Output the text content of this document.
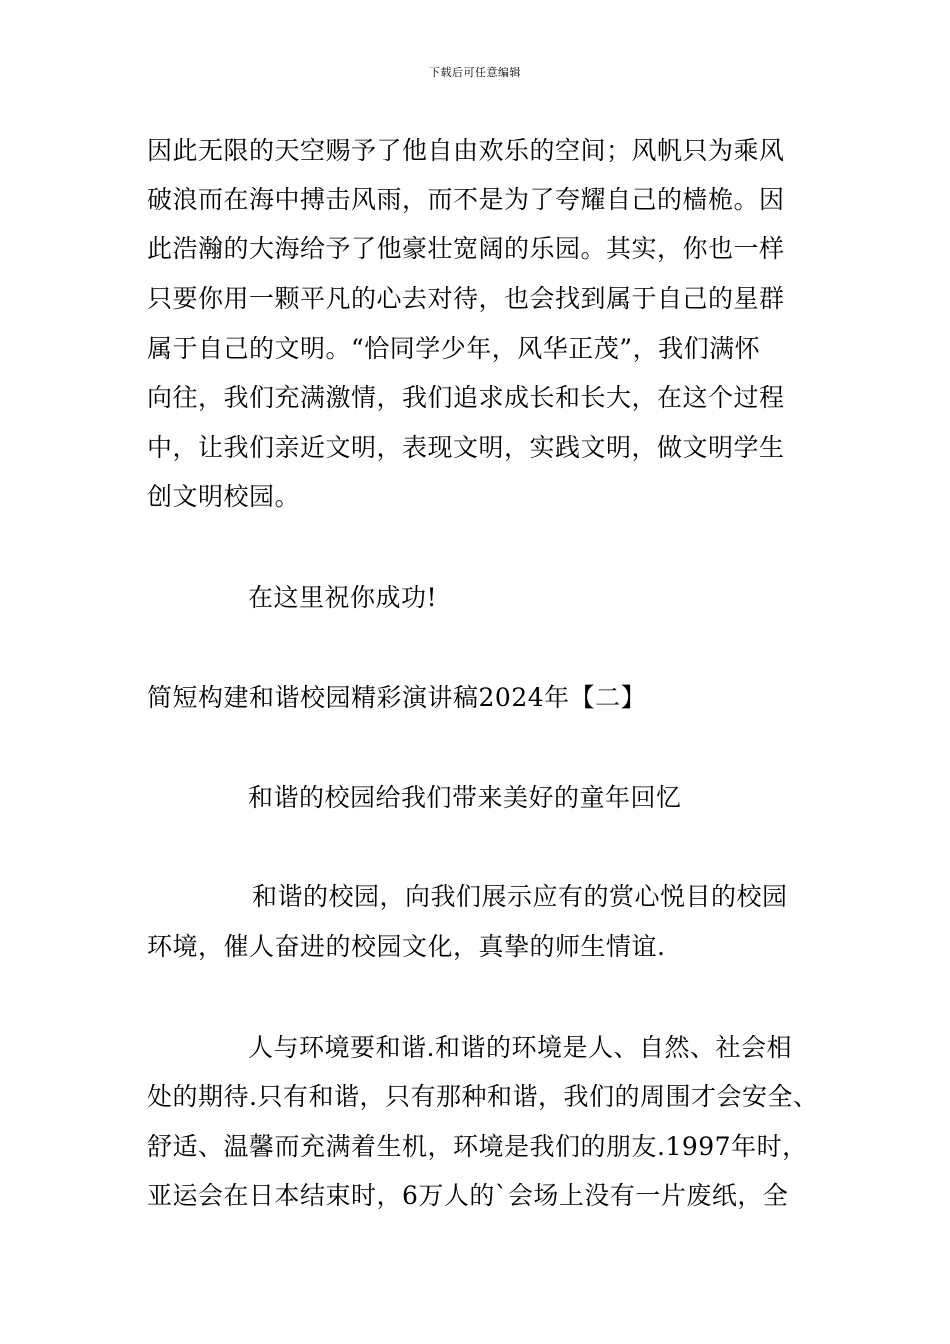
下载后可任意编辑
因此无限的天空赐予了他自由欢乐的空间；风帆只为乘风
破浪而在海中搏击风雨，而不是为了夸耀自己的樯桅。因
此浩瀚的大海给予了他豪壮宽阔的乐园。其实，你也一样
只要你用一颗平凡的心去对待，也会找到属于自己的星群
属于自己的文明。“恰同学少年，风华正茂”，我们满怀
向往，我们充满激情，我们追求成长和长大，在这个过程
中，让我们亲近文明，表现文明，实践文明，做文明学生
创文明校园。
在这里祝你成功!
简短构建和谐校园精彩演讲稿2024年【二】
和谐的校园给我们带来美好的童年回忆
和谐的校园，向我们展示应有的赏心悦目的校园
环境，催人奋进的校园文化，真挚的师生情谊.
人与环境要和谐.和谐的环境是人、自然、社会相
处的期待.只有和谐，只有那种和谐，我们的周围才会安全、
舒适、温馨而充满着生机，环境是我们的朋友.1997年时，
亚运会在日本结束时，6万人的`会场上没有一片废纸，全
